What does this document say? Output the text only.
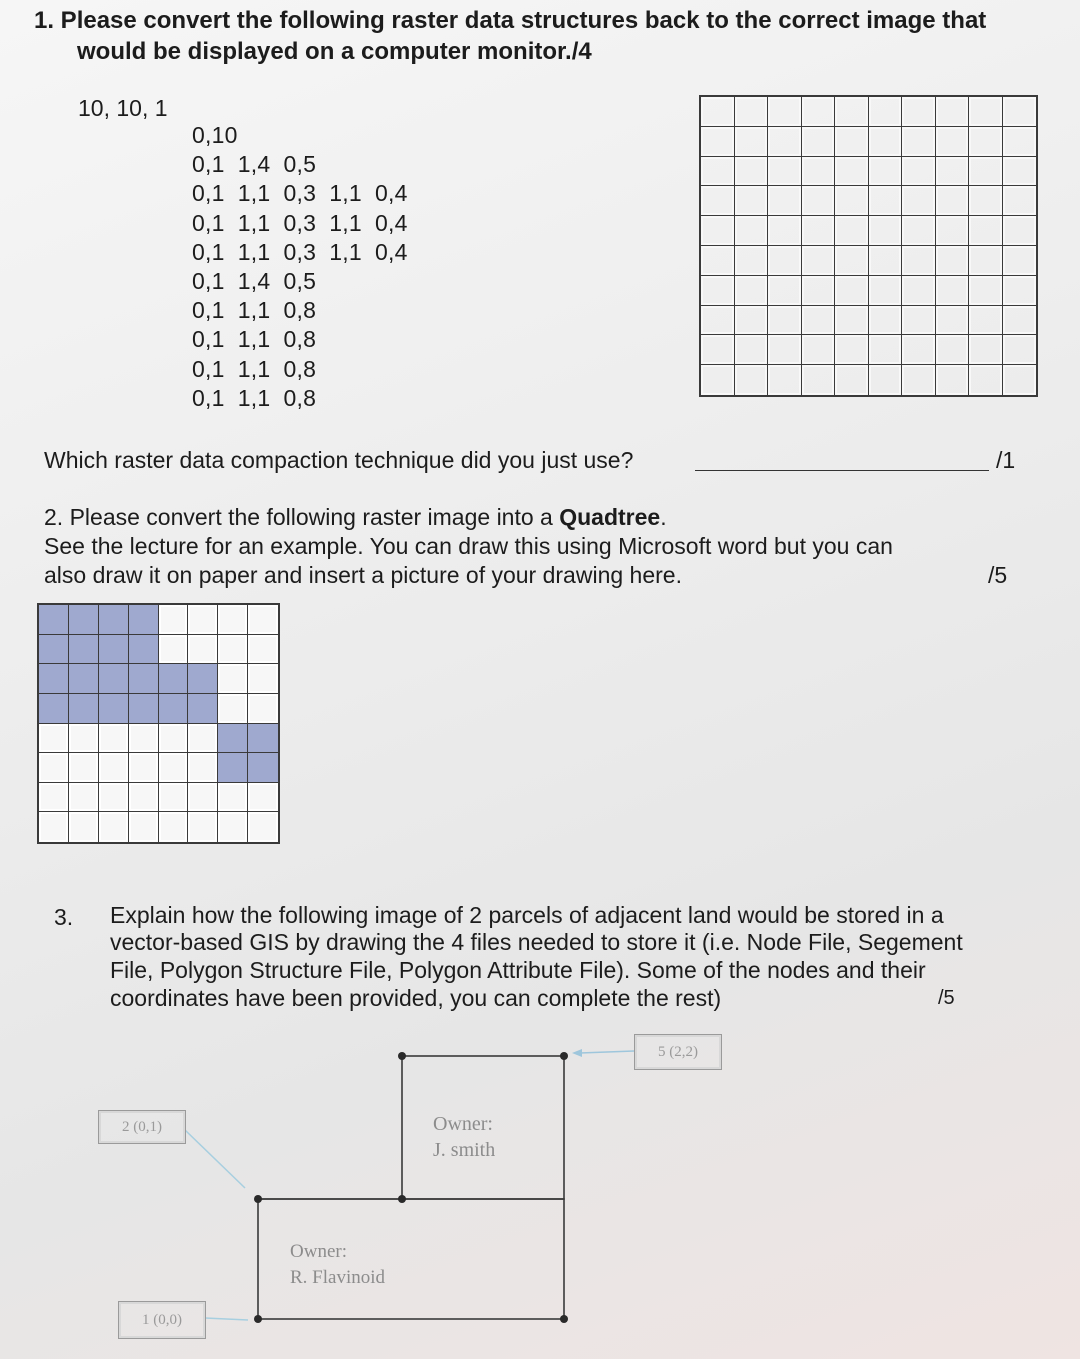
1. Please convert the following raster data structures back to the correct image that
would be displayed on a computer monitor./4
10, 10, 1
0,10
0,1  1,4  0,5
0,1  1,1  0,3  1,1  0,4
0,1  1,1  0,3  1,1  0,4
0,1  1,1  0,3  1,1  0,4
0,1  1,4  0,5
0,1  1,1  0,8
0,1  1,1  0,8
0,1  1,1  0,8
0,1  1,1  0,8
Which raster data compaction technique did you just use?	/1
2. Please convert the following raster image into a Quadtree.
See the lecture for an example. You can draw this using Microsoft word but you can
also draw it on paper and insert a picture of your drawing here.	/5
3. Explain how the following image of 2 parcels of adjacent land would be stored in a
vector-based GIS by drawing the 4 files needed to store it (i.e. Node File, Segement
File, Polygon Structure File, Polygon Attribute File). Some of the nodes and their
coordinates have been provided, you can complete the rest)	/5
5 (2,2)
2 (0,1)
1 (0,0)
Owner:
J. smith
Owner:
R. Flavinoid
